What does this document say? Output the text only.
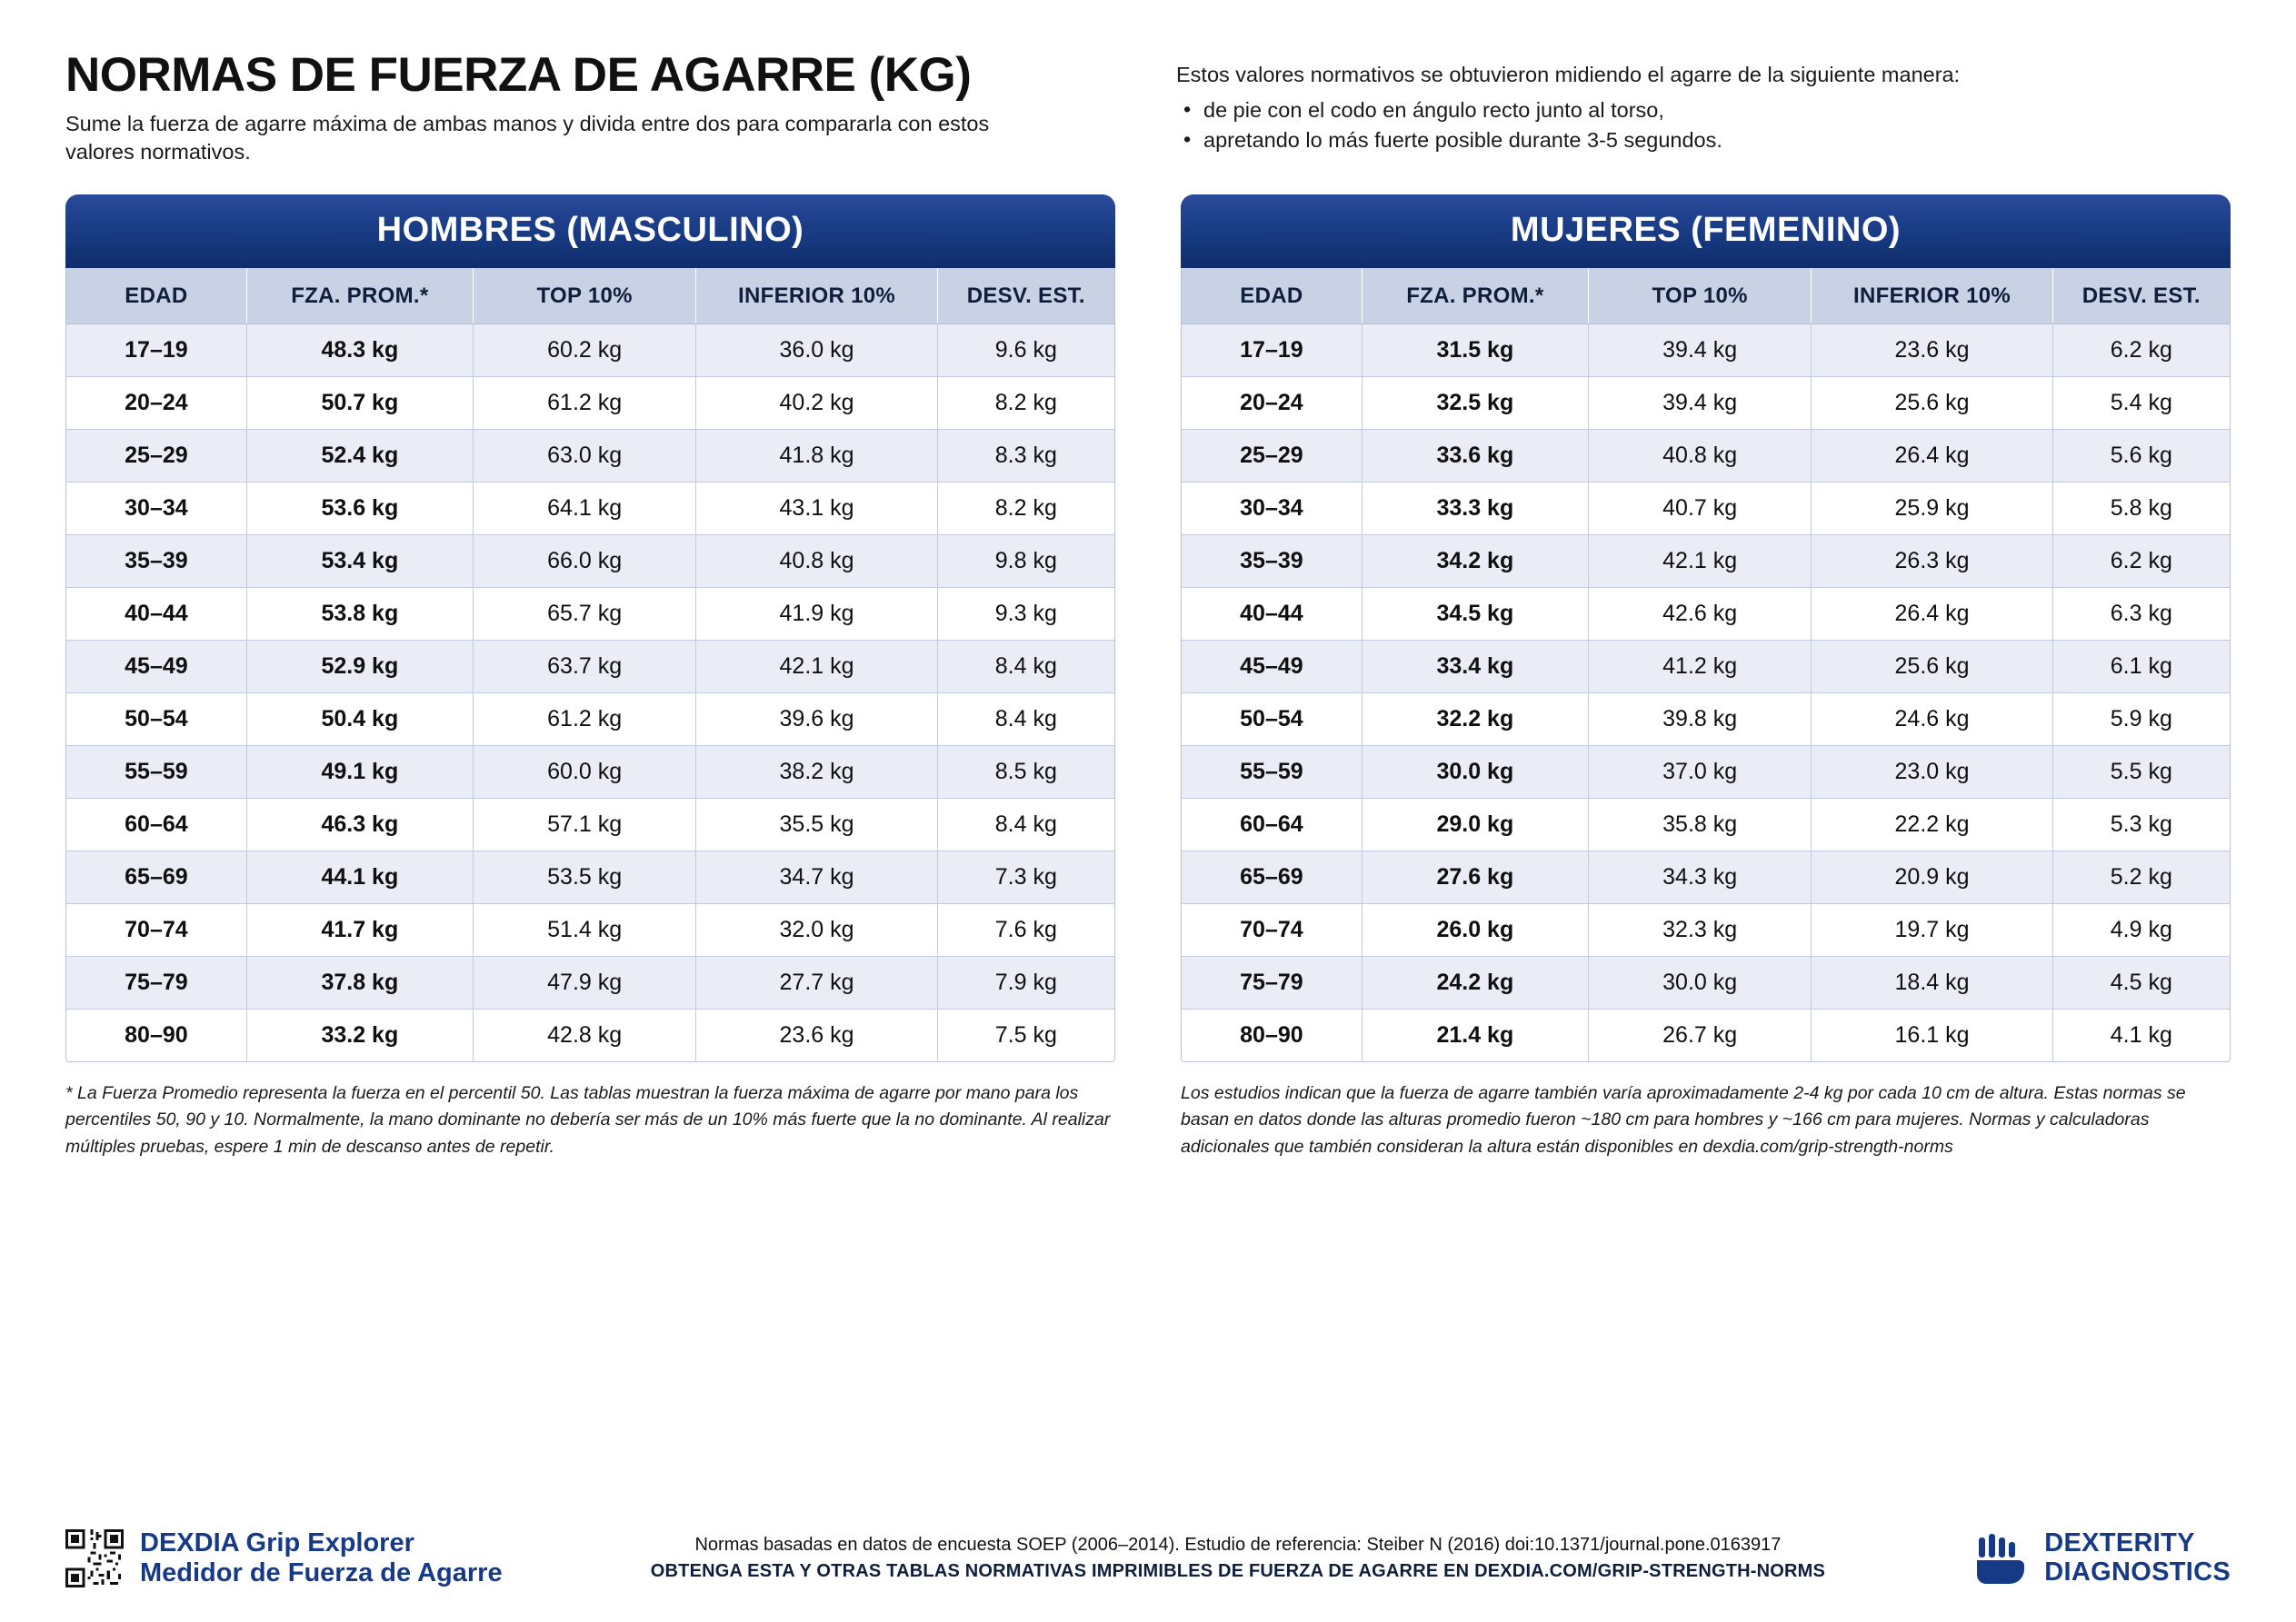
NORMAS DE FUERZA DE AGARRE (KG)

Sume la fuerza de agarre máxima de ambas manos y divida entre dos para compararla con estos valores normativos.

Estos valores normativos se obtuvieron midiendo el agarre de la siguiente manera:

• de pie con el codo en ángulo recto junto al torso,
• apretando lo más fuerte posible durante 3-5 segundos.
HOMBRES (MASCULINO)
EDAD	FZA. PROM.*	TOP 10%	INFERIOR 10%	DESV. EST.
17–19	48.3 kg	60.2 kg	36.0 kg	9.6 kg
20–24	50.7 kg	61.2 kg	40.2 kg	8.2 kg
25–29	52.4 kg	63.0 kg	41.8 kg	8.3 kg
30–34	53.6 kg	64.1 kg	43.1 kg	8.2 kg
35–39	53.4 kg	66.0 kg	40.8 kg	9.8 kg
40–44	53.8 kg	65.7 kg	41.9 kg	9.3 kg
45–49	52.9 kg	63.7 kg	42.1 kg	8.4 kg
50–54	50.4 kg	61.2 kg	39.6 kg	8.4 kg
55–59	49.1 kg	60.0 kg	38.2 kg	8.5 kg
60–64	46.3 kg	57.1 kg	35.5 kg	8.4 kg
65–69	44.1 kg	53.5 kg	34.7 kg	7.3 kg
70–74	41.7 kg	51.4 kg	32.0 kg	7.6 kg
75–79	37.8 kg	47.9 kg	27.7 kg	7.9 kg
80–90	33.2 kg	42.8 kg	23.6 kg	7.5 kg
MUJERES (FEMENINO)
EDAD	FZA. PROM.*	TOP 10%	INFERIOR 10%	DESV. EST.
17–19	31.5 kg	39.4 kg	23.6 kg	6.2 kg
20–24	32.5 kg	39.4 kg	25.6 kg	5.4 kg
25–29	33.6 kg	40.8 kg	26.4 kg	5.6 kg
30–34	33.3 kg	40.7 kg	25.9 kg	5.8 kg
35–39	34.2 kg	42.1 kg	26.3 kg	6.2 kg
40–44	34.5 kg	42.6 kg	26.4 kg	6.3 kg
45–49	33.4 kg	41.2 kg	25.6 kg	6.1 kg
50–54	32.2 kg	39.8 kg	24.6 kg	5.9 kg
55–59	30.0 kg	37.0 kg	23.0 kg	5.5 kg
60–64	29.0 kg	35.8 kg	22.2 kg	5.3 kg
65–69	27.6 kg	34.3 kg	20.9 kg	5.2 kg
70–74	26.0 kg	32.3 kg	19.7 kg	4.9 kg
75–79	24.2 kg	30.0 kg	18.4 kg	4.5 kg
80–90	21.4 kg	26.7 kg	16.1 kg	4.1 kg
* La Fuerza Promedio representa la fuerza en el percentil 50. Las tablas muestran la fuerza máxima de agarre por mano para los percentiles 50, 90 y 10. Normalmente, la mano dominante no debería ser más de un 10% más fuerte que la no dominante. Al realizar múltiples pruebas, espere 1 min de descanso antes de repetir.
Los estudios indican que la fuerza de agarre también varía aproximadamente 2-4 kg por cada 10 cm de altura. Estas normas se basan en datos donde las alturas promedio fueron ~180 cm para hombres y ~166 cm para mujeres. Normas y calculadoras adicionales que también consideran la altura están disponibles en dexdia.com/grip-strength-norms
DEXDIA Grip Explorer
Medidor de Fuerza de Agarre
Normas basadas en datos de encuesta SOEP (2006–2014). Estudio de referencia: Steiber N (2016) doi:10.1371/journal.pone.0163917
OBTENGA ESTA Y OTRAS TABLAS NORMATIVAS IMPRIMIBLES DE FUERZA DE AGARRE EN DEXDIA.COM/GRIP-STRENGTH-NORMS
DEXTERITY
DIAGNOSTICS
